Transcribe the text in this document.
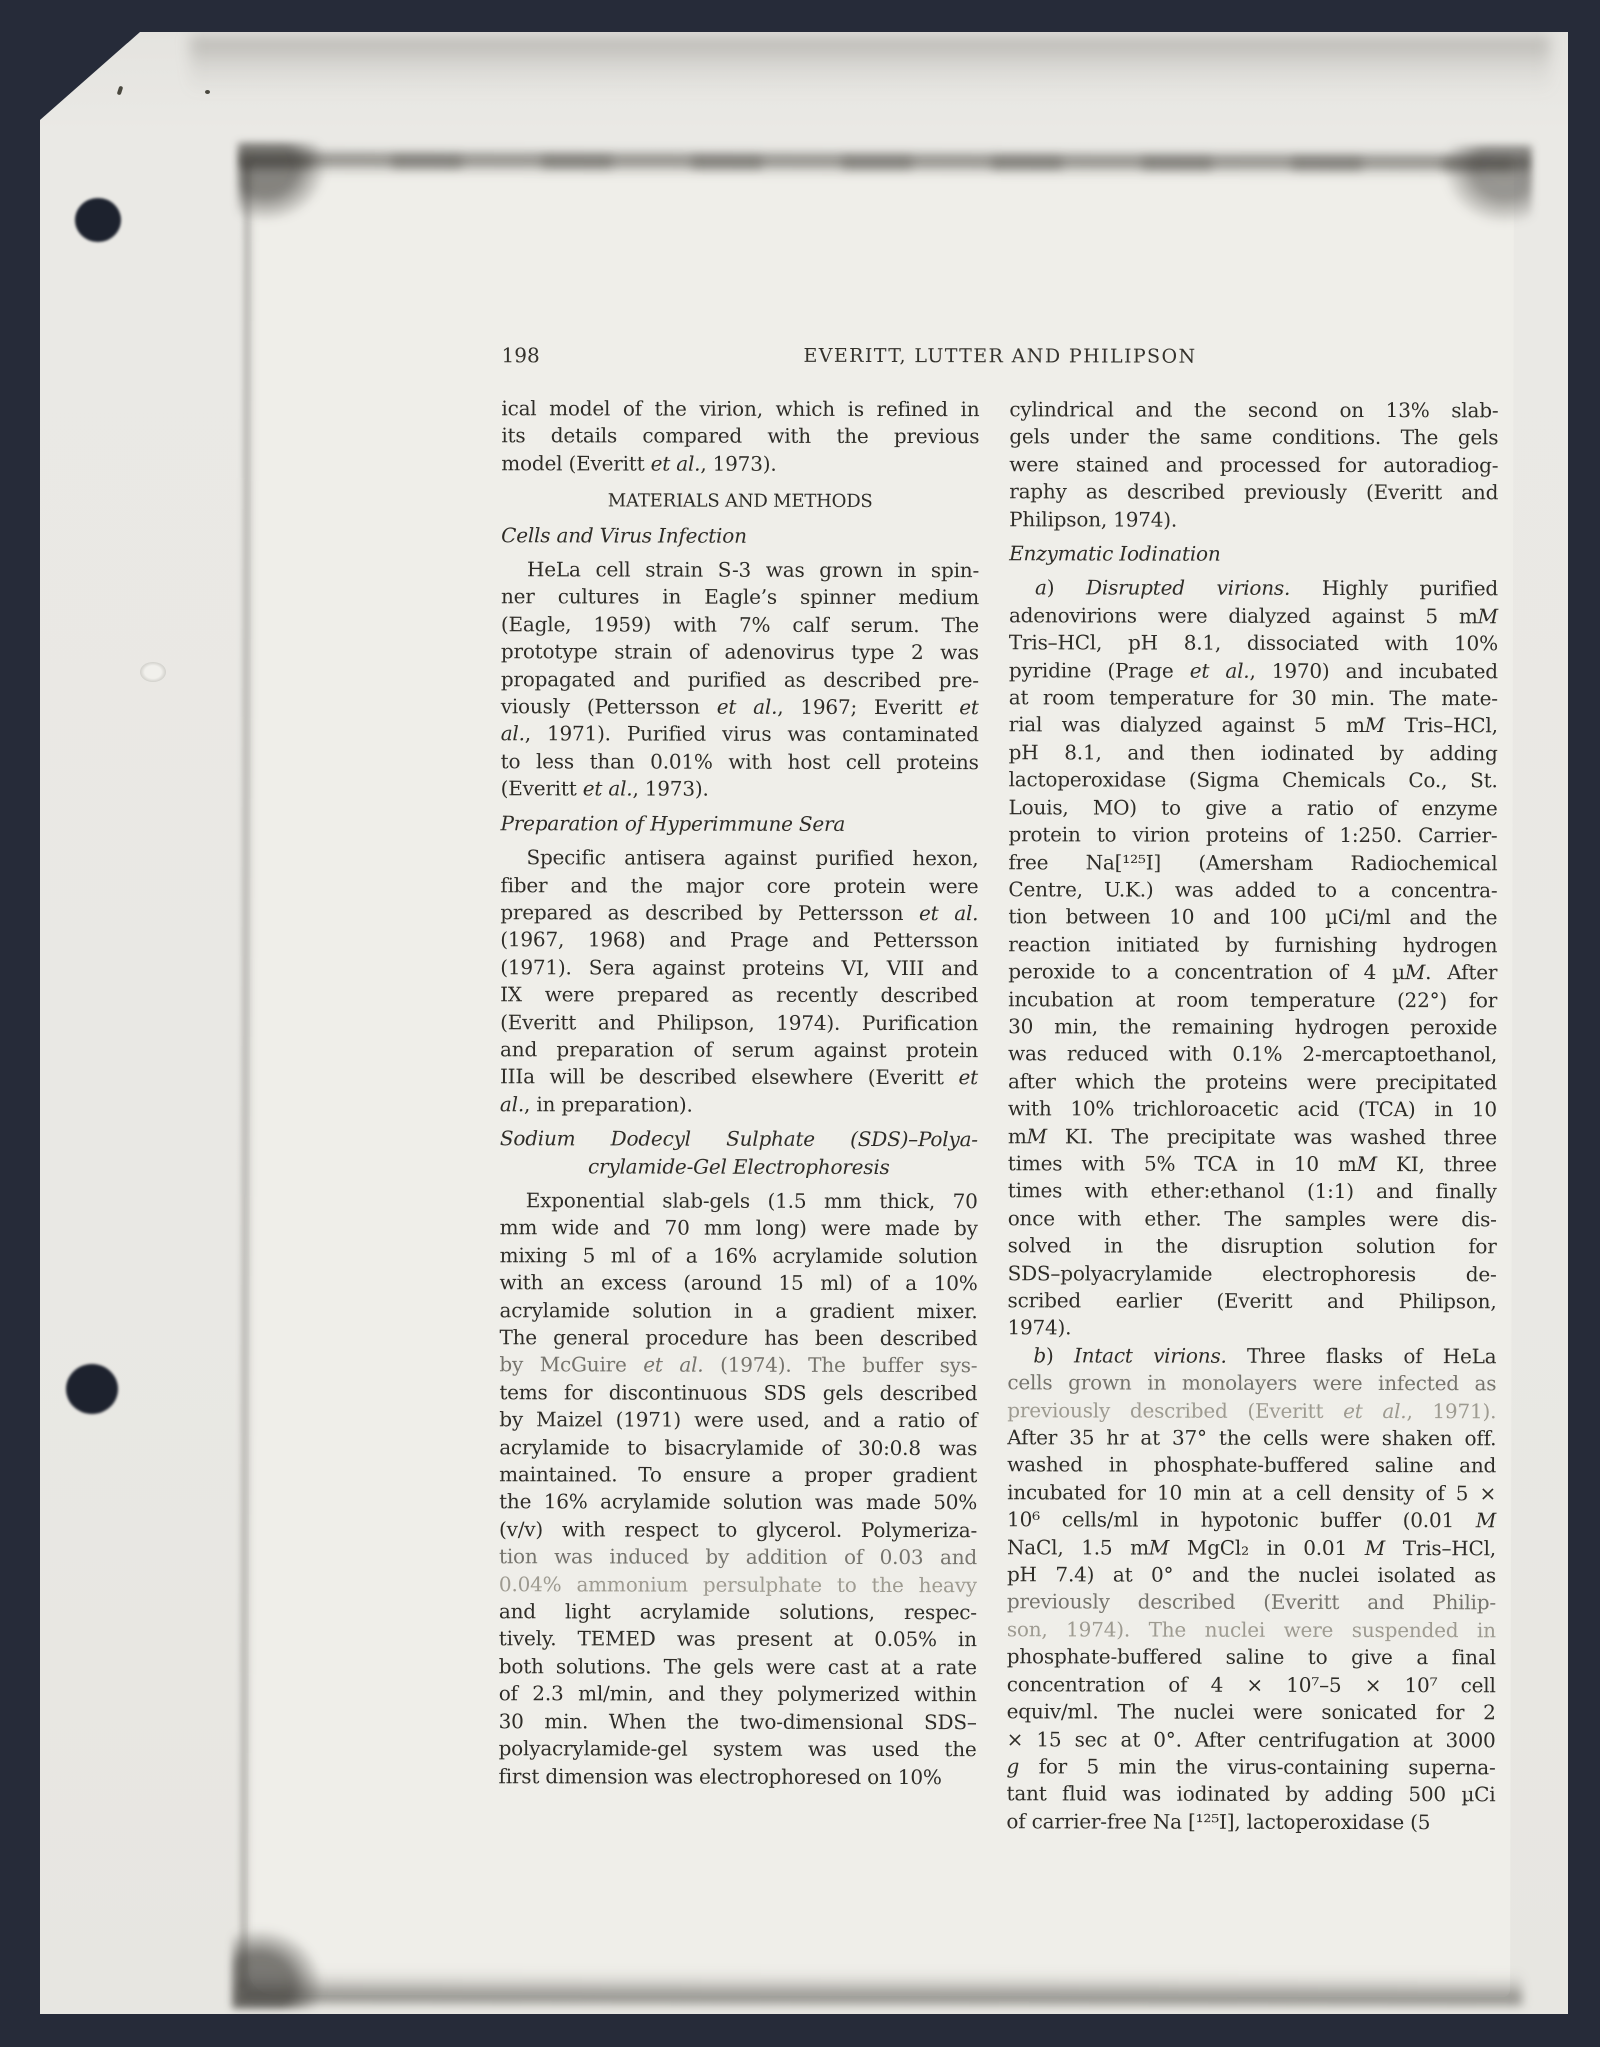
198	EVERITT, LUTTER AND PHILIPSON
ical model of the virion, which is refined in
its details compared with the previous
model (Everitt et al., 1973).
MATERIALS AND METHODS
Cells and Virus Infection
HeLa cell strain S-3 was grown in spin-
ner cultures in Eagle’s spinner medium
(Eagle, 1959) with 7% calf serum. The
prototype strain of adenovirus type 2 was
propagated and purified as described pre-
viously (Pettersson et al., 1967; Everitt et
al., 1971). Purified virus was contaminated
to less than 0.01% with host cell proteins
(Everitt et al., 1973).
Preparation of Hyperimmune Sera
Specific antisera against purified hexon,
fiber and the major core protein were
prepared as described by Pettersson et al.
(1967, 1968) and Prage and Pettersson
(1971). Sera against proteins VI, VIII and
IX were prepared as recently described
(Everitt and Philipson, 1974). Purification
and preparation of serum against protein
IIIa will be described elsewhere (Everitt et
al., in preparation).
Sodium Dodecyl Sulphate (SDS)–Polya-
crylamide-Gel Electrophoresis
Exponential slab-gels (1.5 mm thick, 70
mm wide and 70 mm long) were made by
mixing 5 ml of a 16% acrylamide solution
with an excess (around 15 ml) of a 10%
acrylamide solution in a gradient mixer.
The general procedure has been described
by McGuire et al. (1974). The buffer sys-
tems for discontinuous SDS gels described
by Maizel (1971) were used, and a ratio of
acrylamide to bisacrylamide of 30:0.8 was
maintained. To ensure a proper gradient
the 16% acrylamide solution was made 50%
(v/v) with respect to glycerol. Polymeriza-
tion was induced by addition of 0.03 and
0.04% ammonium persulphate to the heavy
and light acrylamide solutions, respec-
tively. TEMED was present at 0.05% in
both solutions. The gels were cast at a rate
of 2.3 ml/min, and they polymerized within
30 min. When the two-dimensional SDS–
polyacrylamide-gel system was used the
first dimension was electrophoresed on 10%
cylindrical and the second on 13% slab-
gels under the same conditions. The gels
were stained and processed for autoradiog-
raphy as described previously (Everitt and
Philipson, 1974).
Enzymatic Iodination
a) Disrupted virions. Highly purified
adenovirions were dialyzed against 5 mM
Tris–HCl, pH 8.1, dissociated with 10%
pyridine (Prage et al., 1970) and incubated
at room temperature for 30 min. The mate-
rial was dialyzed against 5 mM Tris–HCl,
pH 8.1, and then iodinated by adding
lactoperoxidase (Sigma Chemicals Co., St.
Louis, MO) to give a ratio of enzyme
protein to virion proteins of 1:250. Carrier-
free Na[¹²⁵I] (Amersham Radiochemical
Centre, U.K.) was added to a concentra-
tion between 10 and 100 µCi/ml and the
reaction initiated by furnishing hydrogen
peroxide to a concentration of 4 µM. After
incubation at room temperature (22°) for
30 min, the remaining hydrogen peroxide
was reduced with 0.1% 2-mercaptoethanol,
after which the proteins were precipitated
with 10% trichloroacetic acid (TCA) in 10
mM KI. The precipitate was washed three
times with 5% TCA in 10 mM KI, three
times with ether:ethanol (1:1) and finally
once with ether. The samples were dis-
solved in the disruption solution for
SDS–polyacrylamide electrophoresis de-
scribed earlier (Everitt and Philipson,
1974).
b) Intact virions. Three flasks of HeLa
cells grown in monolayers were infected as
previously described (Everitt et al., 1971).
After 35 hr at 37° the cells were shaken off.
washed in phosphate-buffered saline and
incubated for 10 min at a cell density of 5 ×
10⁶ cells/ml in hypotonic buffer (0.01 M
NaCl, 1.5 mM MgCl₂ in 0.01 M Tris–HCl,
pH 7.4) at 0° and the nuclei isolated as
previously described (Everitt and Philip-
son, 1974). The nuclei were suspended in
phosphate-buffered saline to give a final
concentration of 4 × 10⁷–5 × 10⁷ cell
equiv/ml. The nuclei were sonicated for 2
× 15 sec at 0°. After centrifugation at 3000
g for 5 min the virus-containing superna-
tant fluid was iodinated by adding 500 µCi
of carrier-free Na [¹²⁵I], lactoperoxidase (5
